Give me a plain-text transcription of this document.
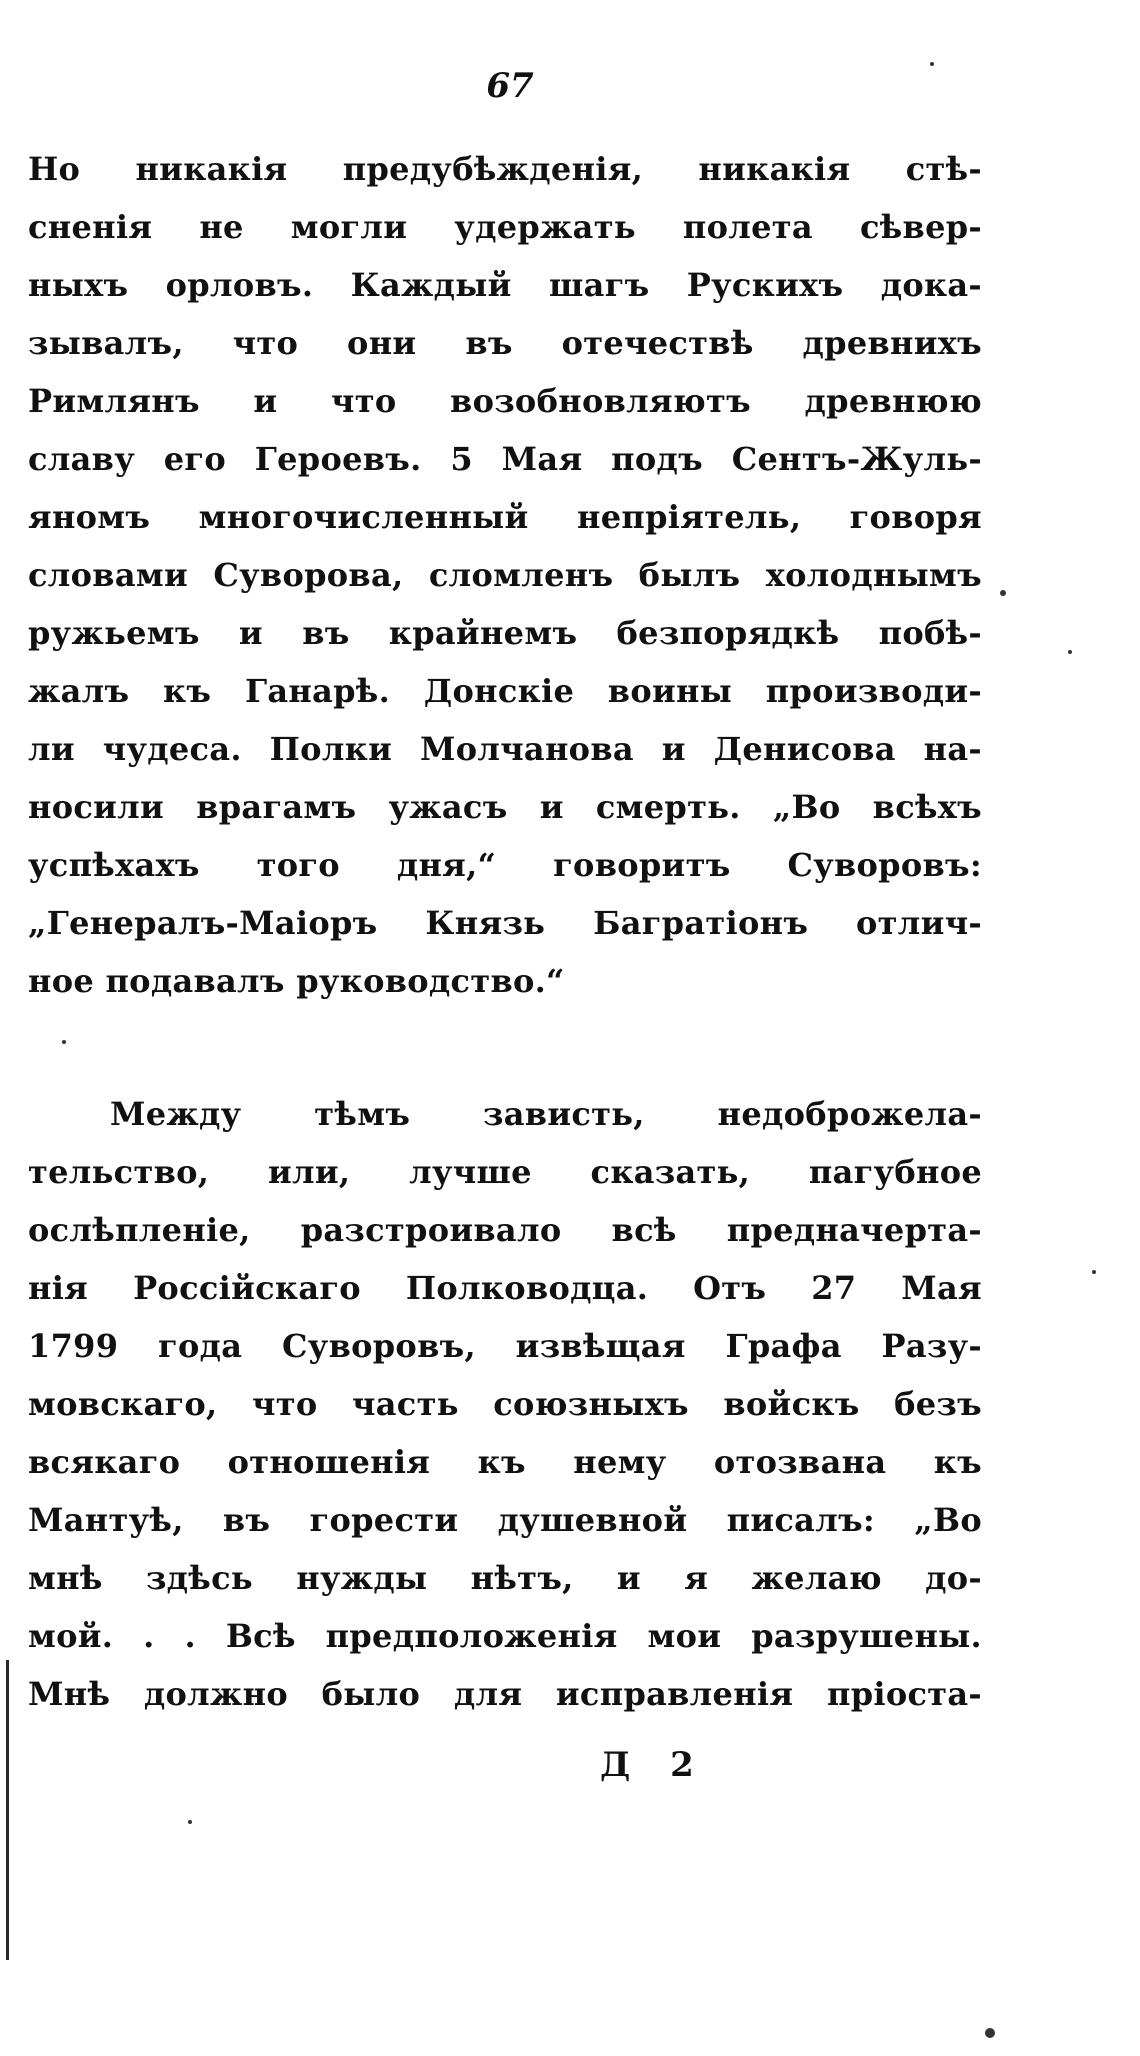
67
Но никакія предубѣжденія, никакія стѣ-
сненія не могли удержать полета сѣвер-
ныхъ орловъ. Каждый шагъ Рускихъ дока-
зывалъ, что они въ отечествѣ древнихъ
Римлянъ и что возобновляютъ древнюю
славу его Героевъ. 5 Мая подъ Сентъ-Жуль-
яномъ многочисленный непріятель, говоря
словами Суворова, сломленъ былъ холоднымъ
ружьемъ и въ крайнемъ безпорядкѣ побѣ-
жалъ къ Ганарѣ. Донскіе воины производи-
ли чудеса. Полки Молчанова и Денисова на-
носили врагамъ ужасъ и смерть. „Во всѣхъ
успѣхахъ того дня,“ говоритъ Суворовъ:
„Генералъ-Маіоръ Князь Багратіонъ отлич-
ное подавалъ руководство.“
Между тѣмъ зависть, недоброжела-
тельство, или, лучше сказать, пагубное
ослѣпленіе, разстроивало всѣ предначерта-
нія Россійскаго Полководца. Отъ 27 Мая
1799 года Суворовъ, извѣщая Графа Разу-
мовскаго, что часть союзныхъ войскъ безъ
всякаго отношенія къ нему отозвана къ
Мантуѣ, въ горести душевной писалъ: „Во
мнѣ здѣсь нужды нѣтъ, и я желаю до-
мой. . . Всѣ предположенія мои разрушены.
Мнѣ должно было для исправленія пріоста-
Д 2
